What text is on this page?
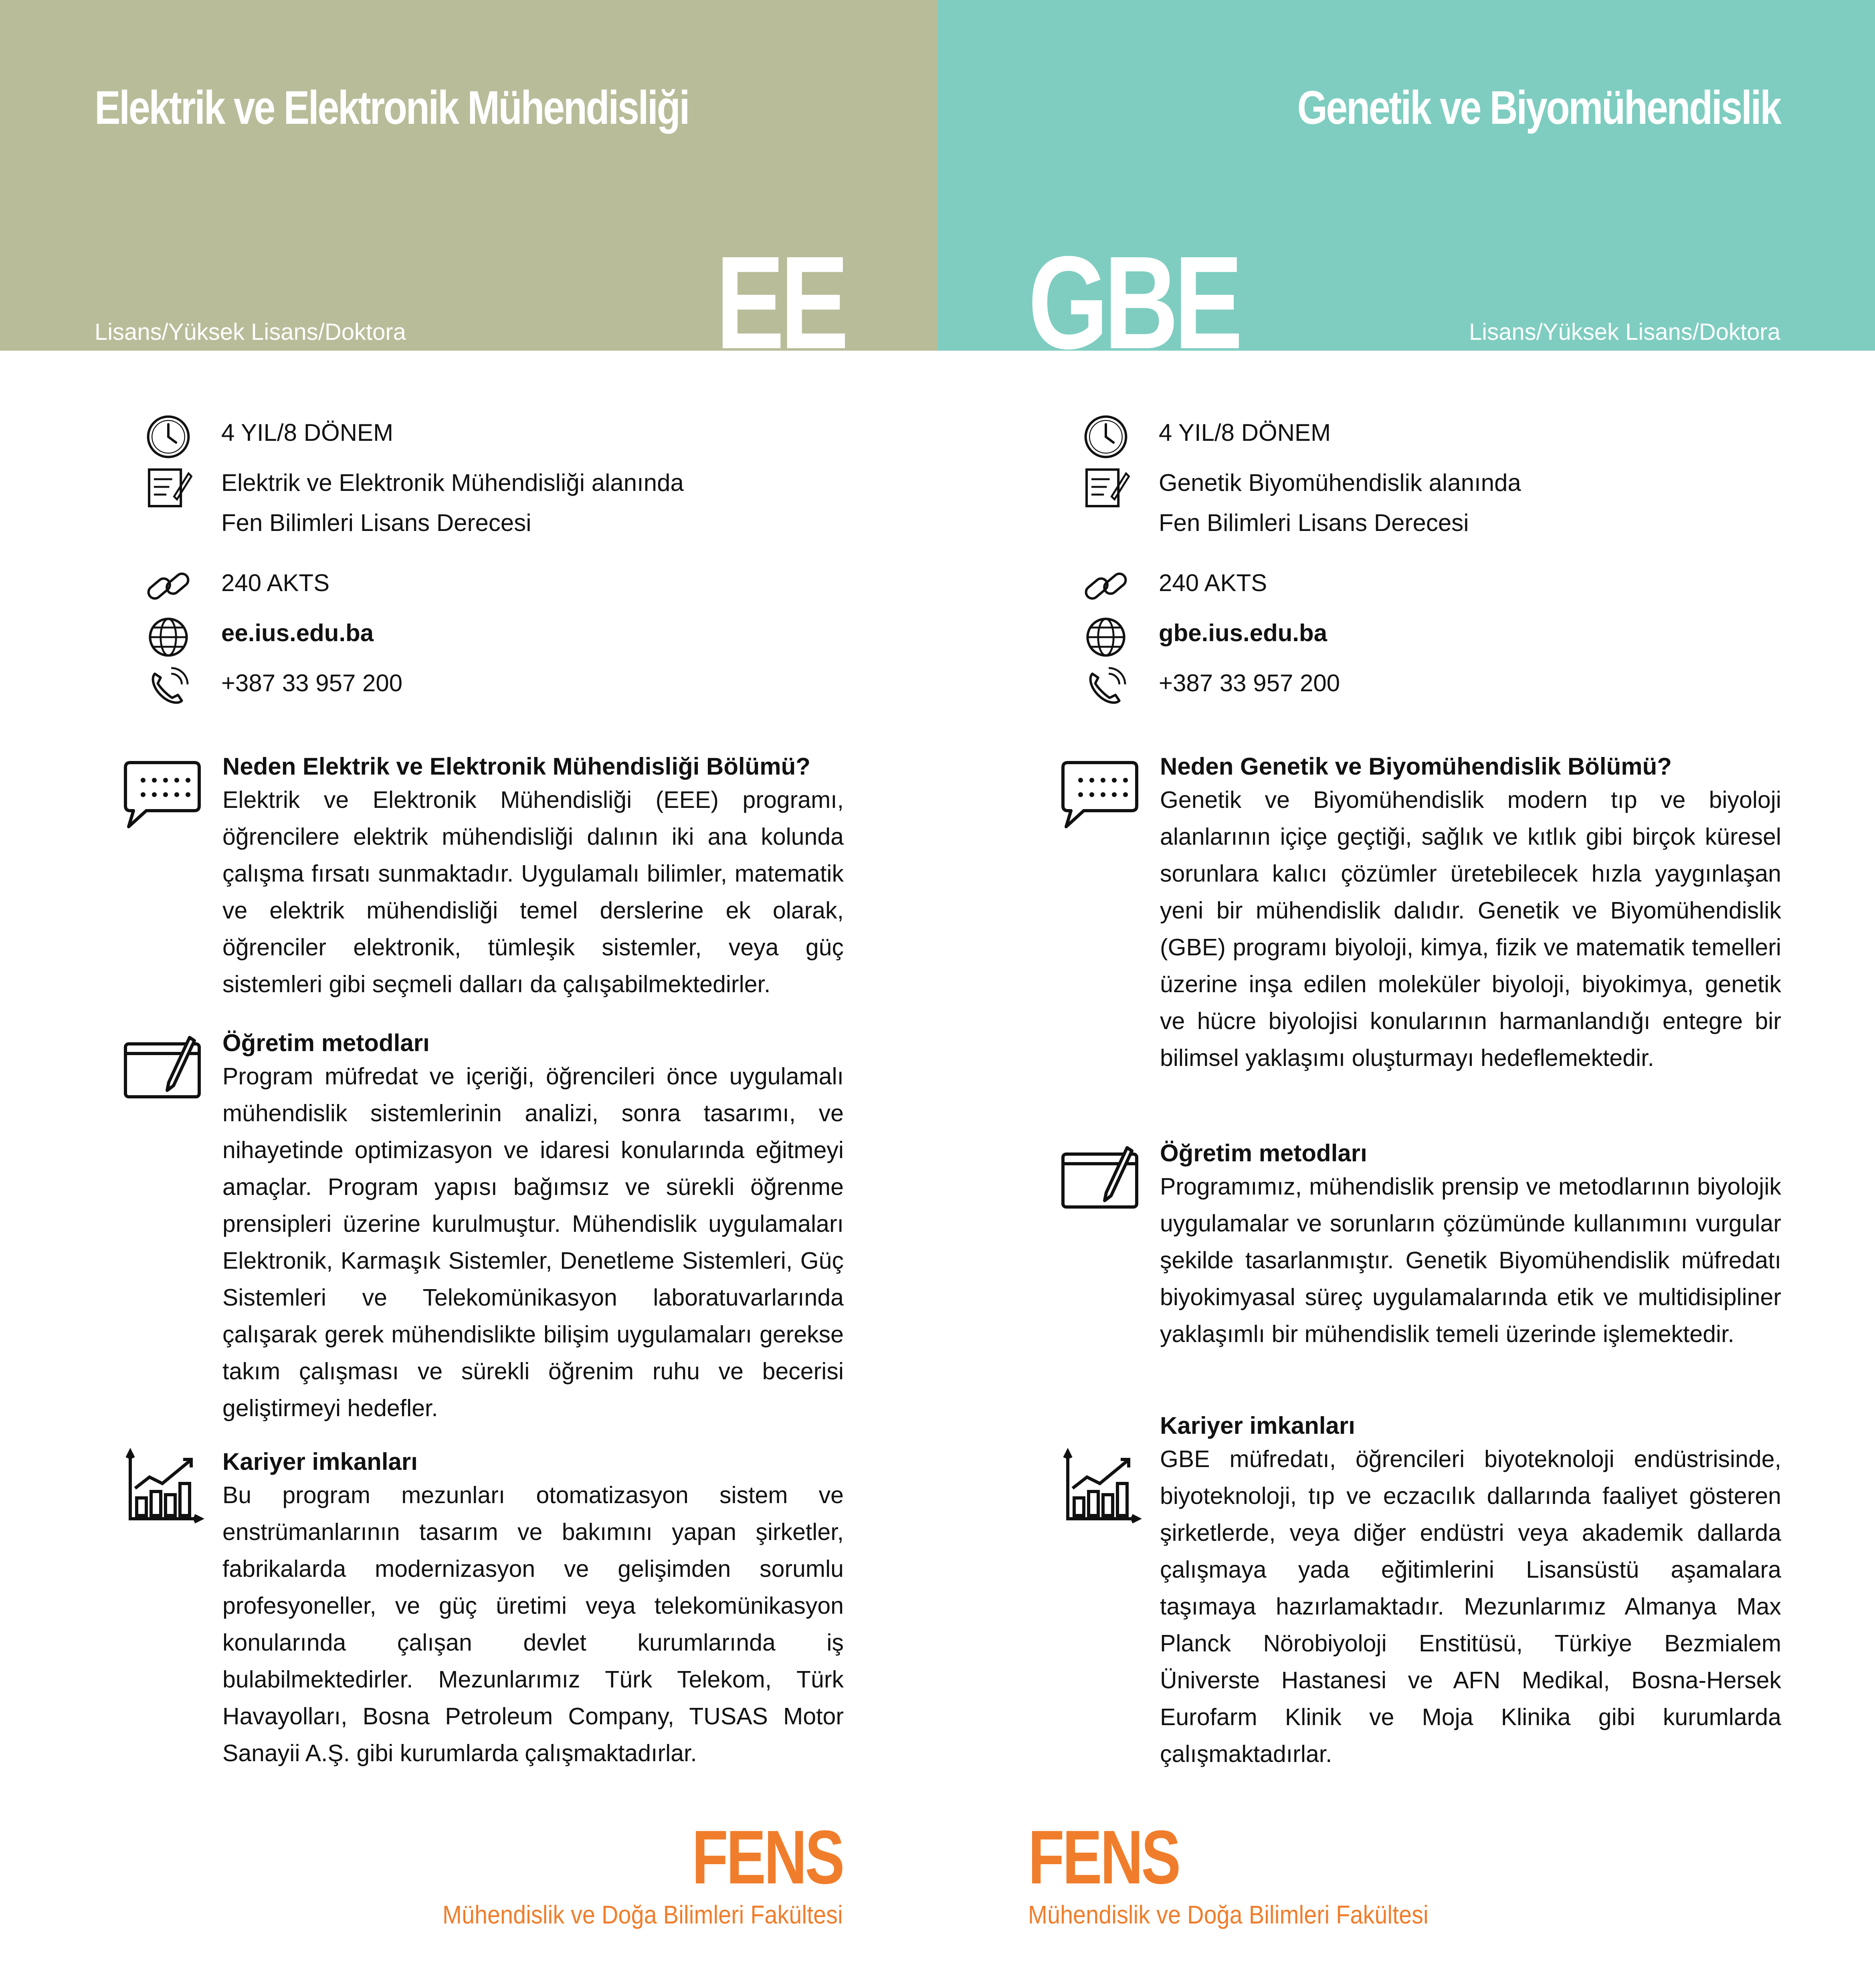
Elektrik ve Elektronik Mühendisliği
Lisans/Yüksek Lisans/Doktora EE
4 YIL/8 DÖNEM
Elektrik ve Elektronik Mühendisliği alanında
Fen Bilimleri Lisans Derecesi
240 AKTS
ee.ius.edu.ba
+387 33 957 200
Neden Elektrik ve Elektronik Mühendisliği Bölümü?

Elektrik ve Elektronik Mühendisliği (EEE) programı, öğrencilere elektrik mühendisliği dalının iki ana kolunda çalışma fırsatı sunmaktadır. Uygulamalı bilimler, matematik ve elektrik mühendisliği temel derslerine ek olarak, öğrenciler elektronik, tümleşik sistemler, veya güç sistemleri gibi seçmeli dalları da çalışabilmektedirler.

Öğretim metodları

Program müfredat ve içeriği, öğrencileri önce uygulamalı mühendislik sistemlerinin analizi, sonra tasarımı, ve nihayetinde optimizasyon ve idaresi konularında eğitmeyi amaçlar. Program yapısı bağımsız ve sürekli öğrenme prensipleri üzerine kurulmuştur. Mühendislik uygulamaları Elektronik, Karmaşık Sistemler, Denetleme Sistemleri, Güç Sistemleri ve Telekomünikasyon laboratuvarlarında çalışarak gerek mühendislikte bilişim uygulamaları gerekse takım çalışması ve sürekli öğrenim ruhu ve becerisi geliştirmeyi hedefler.

Kariyer imkanları

Bu program mezunları otomatizasyon sistem ve enstrümanlarının tasarım ve bakımını yapan şirketler, fabrikalarda modernizasyon ve gelişimden sorumlu profesyoneller, ve güç üretimi veya telekomünikasyon konularında çalışan devlet kurumlarında iş bulabilmektedirler. Mezunlarımız Türk Telekom, Türk Havayolları, Bosna Petroleum Company, TUSAS Motor Sanayii A.Ş. gibi kurumlarda çalışmaktadırlar.

FENS
Mühendislik ve Doğa Bilimleri Fakültesi
Genetik ve Biyomühendislik
Lisans/Yüksek Lisans/Doktora
GBE
4 YIL/8 DÖNEM
Genetik Biyomühendislik alanında
Fen Bilimleri Lisans Derecesi
240 AKTS
gbe.ius.edu.ba
+387 33 957 200
Neden Genetik ve Biyomühendislik Bölümü?

Genetik ve Biyomühendislik modern tıp ve biyoloji alanlarının içiçe geçtiği, sağlık ve kıtlık gibi birçok küresel sorunlara kalıcı çözümler üretebilecek hızla yaygınlaşan yeni bir mühendislik dalıdır. Genetik ve Biyomühendislik (GBE) programı biyoloji, kimya, fizik ve matematik temelleri üzerine inşa edilen moleküler biyoloji, biyokimya, genetik ve hücre biyolojisi konularının harmanlandığı entegre bir bilimsel yaklaşımı oluşturmayı hedeflemektedir.

Öğretim metodları

Programımız, mühendislik prensip ve metodlarının biyolojik uygulamalar ve sorunların çözümünde kullanımını vurgular şekilde tasarlanmıştır. Genetik Biyomühendislik müfredatı biyokimyasal süreç uygulamalarında etik ve multidisipliner yaklaşımlı bir mühendislik temeli üzerinde işlemektedir.

Kariyer imkanları

GBE müfredatı, öğrencileri biyoteknoloji endüstrisinde, biyoteknoloji, tıp ve eczacılık dallarında faaliyet gösteren şirketlerde, veya diğer endüstri veya akademik dallarda çalışmaya yada eğitimlerini Lisansüstü aşamalara taşımaya hazırlamaktadır. Mezunlarımız Almanya Max Planck Nörobiyoloji Enstitüsü, Türkiye Bezmialem Üniverste Hastanesi ve AFN Medikal, Bosna-Hersek Eurofarm Klinik ve Moja Klinika gibi kurumlarda çalışmaktadırlar.

FENS
Mühendislik ve Doğa Bilimleri Fakültesi
